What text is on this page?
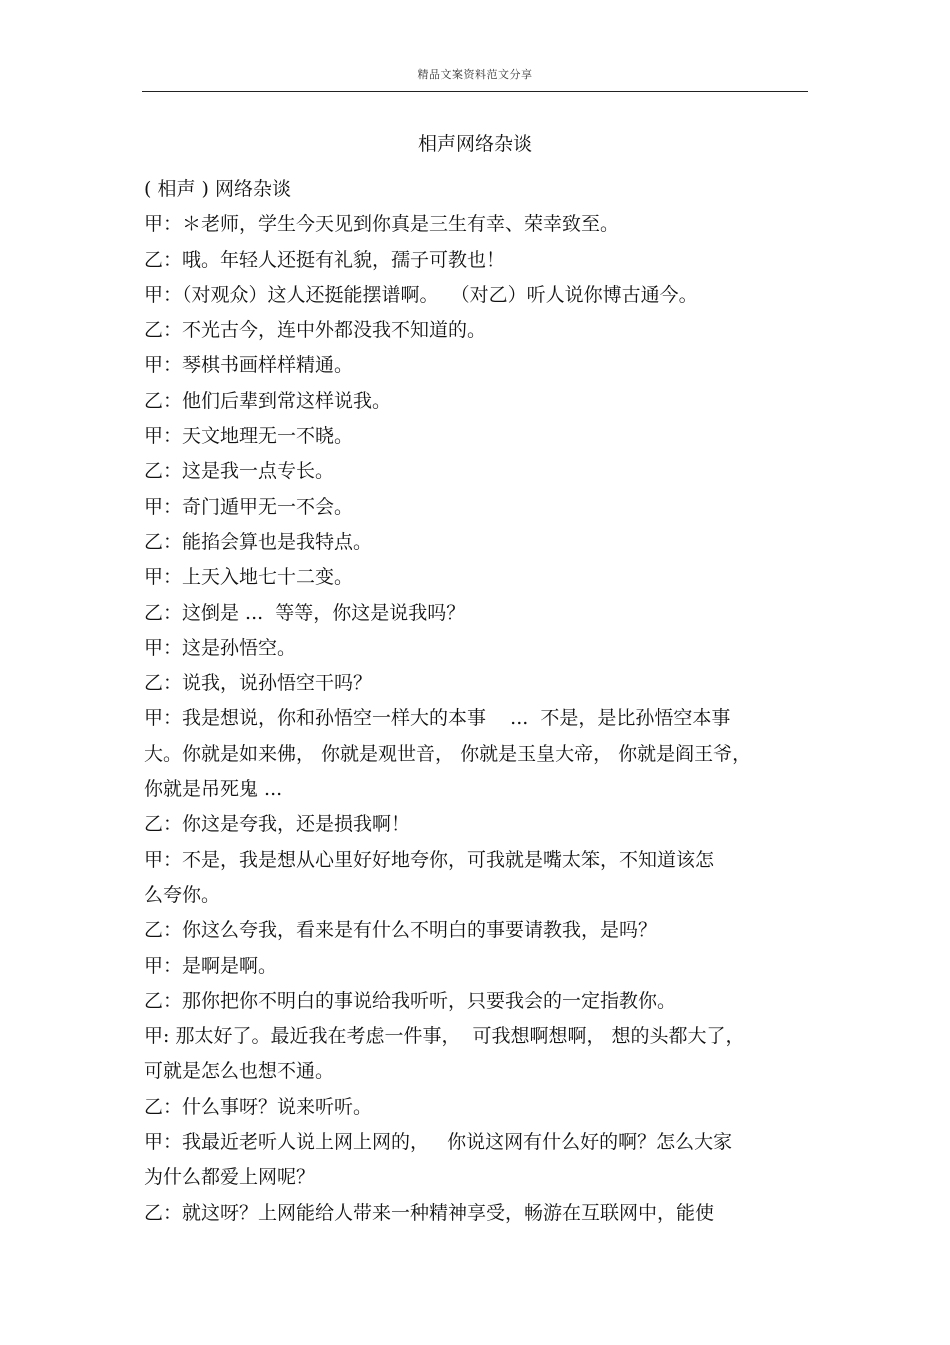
精品文案资料范文分享
相声网络杂谈
( 相声 ) 网络杂谈
甲：＊老师，学生今天见到你真是三生有幸、荣幸致至。
乙：哦。年轻人还挺有礼貌，孺子可教也！
甲：（对观众）这人还挺能摆谱啊。  （对乙）听人说你博古通今。
乙：不光古今，连中外都没我不知道的。
甲：琴棋书画样样精通。
乙：他们后辈到常这样说我。
甲：天文地理无一不晓。
乙：这是我一点专长。
甲：奇门遁甲无一不会。
乙：能掐会算也是我特点。
甲：上天入地七十二变。
乙：这倒是 ...  等等，你这是说我吗？
甲：这是孙悟空。
乙：说我，说孙悟空干吗？
甲：我是想说，你和孙悟空一样大的本事    ...  不是，是比孙悟空本事
大。你就是如来佛， 你就是观世音， 你就是玉皇大帝， 你就是阎王爷，
你就是吊死鬼 ...
乙：你这是夸我，还是损我啊！
甲：不是，我是想从心里好好地夸你，可我就是嘴太笨，不知道该怎
么夸你。
乙：你这么夸我，看来是有什么不明白的事要请教我，是吗？
甲：是啊是啊。
乙：那你把你不明白的事说给我听听，只要我会的一定指教你。
甲: 那太好了。最近我在考虑一件事，  可我想啊想啊， 想的头都大了，
可就是怎么也想不通。
乙：什么事呀？说来听听。
甲：我最近老听人说上网上网的，   你说这网有什么好的啊？怎么大家
为什么都爱上网呢？
乙：就这呀？上网能给人带来一种精神享受，畅游在互联网中，能使
